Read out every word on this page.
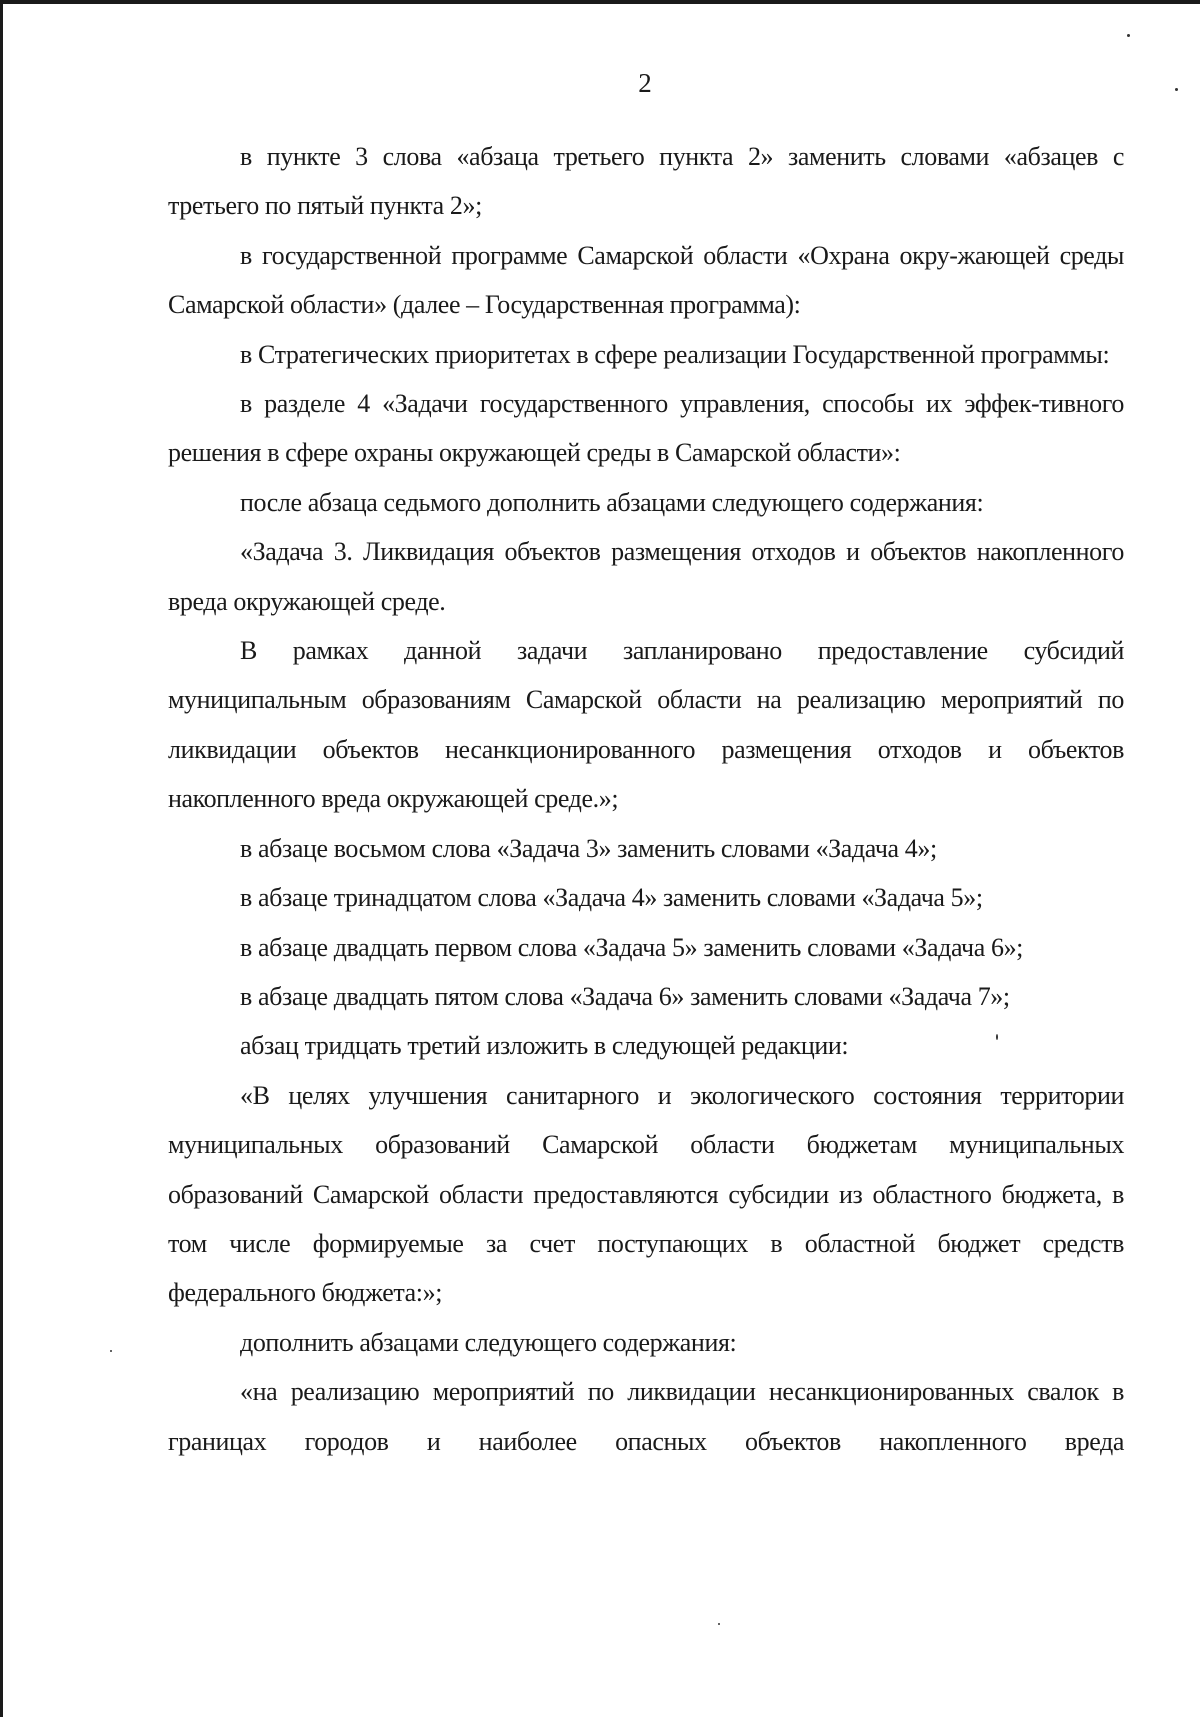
2

в пункте 3 слова «абзаца третьего пункта 2» заменить словами «абзацев с третьего по пятый пункта 2»;

в государственной программе Самарской области «Охрана окру-жающей среды Самарской области» (далее – Государственная программа):

в Стратегических приоритетах в сфере реализации Государственной программы:

в разделе 4 «Задачи государственного управления, способы их эффек-тивного решения в сфере охраны окружающей среды в Самарской области»:

после абзаца седьмого дополнить абзацами следующего содержания:

«Задача 3. Ликвидация объектов размещения отходов и объектов накопленного вреда окружающей среде.

В рамках данной задачи запланировано предоставление субсидий муниципальным образованиям Самарской области на реализацию мероприятий по ликвидации объектов несанкционированного размещения отходов и объектов накопленного вреда окружающей среде.»;

в абзаце восьмом слова «Задача 3» заменить словами «Задача 4»;

в абзаце тринадцатом слова «Задача 4» заменить словами «Задача 5»;

в абзаце двадцать первом слова «Задача 5» заменить словами «Задача 6»;

в абзаце двадцать пятом слова «Задача 6» заменить словами «Задача 7»;

абзац тридцать третий изложить в следующей редакции:

«В целях улучшения санитарного и экологического состояния территории муниципальных образований Самарской области бюджетам муниципальных образований Самарской области предоставляются субсидии из областного бюджета, в том числе формируемые за счет поступающих в областной бюджет средств федерального бюджета:»;

дополнить абзацами следующего содержания:

«на реализацию мероприятий по ликвидации несанкционированных свалок в границах городов и наиболее опасных объектов накопленного вреда
